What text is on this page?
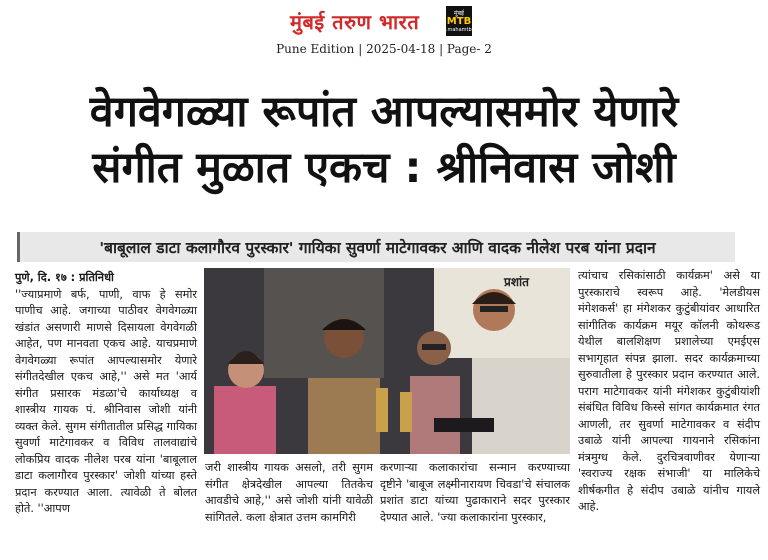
मुंबई तरुण भारत	मुंबई
MTB
www.mahamtb.com
Pune Edition | 2025-04-18 | Page- 2
वेगवेगळ्या रूपांत आपल्यासमोर येणारे
संगीत मुळात एकच : श्रीनिवास जोशी
'बाबूलाल डाटा कलागौरव पुरस्कार' गायिका सुवर्णा माटेगावकर आणि वादक नीलेश परब यांना प्रदान
पुणे, दि. १७ : प्रतिनिधी
''ज्याप्रमाणे बर्फ, पाणी, वाफ हे समोर पाणीच आहे. जगाच्या पाठीवर वेगवेगळ्या खंडांत असणारी माणसे दिसायला वेगवेगळी आहेत, पण मानवता एकच आहे. याचप्रमाणे वेगवेगळ्या रूपांत आपल्यासमोर येणारे संगीतदेखील एकच आहे,'' असे मत 'आर्य संगीत प्रसारक मंडळा'चे कार्याध्यक्ष व शास्त्रीय गायक पं. श्रीनिवास जोशी यांनी व्यक्त केले. सुगम संगीतातील प्रसिद्ध गायिका सुवर्णा माटेगावकर व विविध तालवाद्यांचे लोकप्रिय वादक नीलेश परब यांना 'बाबूलाल डाटा कलागौरव पुरस्कार' जोशी यांच्या हस्ते प्रदान करण्यात आला. त्यावेळी ते बोलत होते. ''आपण
प्रशांत
जरी शास्त्रीय गायक असलो, तरी सुगम संगीत क्षेत्रदेखील आपल्या तितकेच आवडीचे आहे,'' असे जोशी यांनी यावेळी सांगितले. कला क्षेत्रात उत्तम कामगिरी
करणाऱ्या कलाकारांचा सन्मान करण्याच्या दृष्टीने 'बाबूज लक्ष्मीनारायण चिवडा'चे संचालक प्रशांत डाटा यांच्या पुढाकाराने सदर पुरस्कार देण्यात आले. 'ज्या कलाकारांना पुरस्कार,
त्यांचाच रसिकांसाठी कार्यक्रम' असे या पुरस्काराचे स्वरूप आहे. 'मेलडीयस मंगेशकर्स' हा मंगेशकर कुटुंबीयांवर आधारित सांगीतिक कार्यक्रम मयूर कॉलनी कोथरूड येथील बालशिक्षण प्रशालेच्या एमईएस सभागृहात संपन्न झाला. सदर कार्यक्रमाच्या सुरुवातीला हे पुरस्कार प्रदान करण्यात आले. पराग माटेगावकर यांनी मंगेशकर कुटुंबीयांशी संबंधित विविध किस्से सांगत कार्यक्रमात रंगत आणली, तर सुवर्णा माटेगावकर व संदीप उबाळे यांनी आपल्या गायनाने रसिकांना मंत्रमुग्ध केले. दुरचित्रवाणीवर येणाऱ्या 'स्वराज्य रक्षक संभाजी' या मालिकेचे शीर्षकगीत हे संदीप उबाळे यांनीच गायले आहे.
